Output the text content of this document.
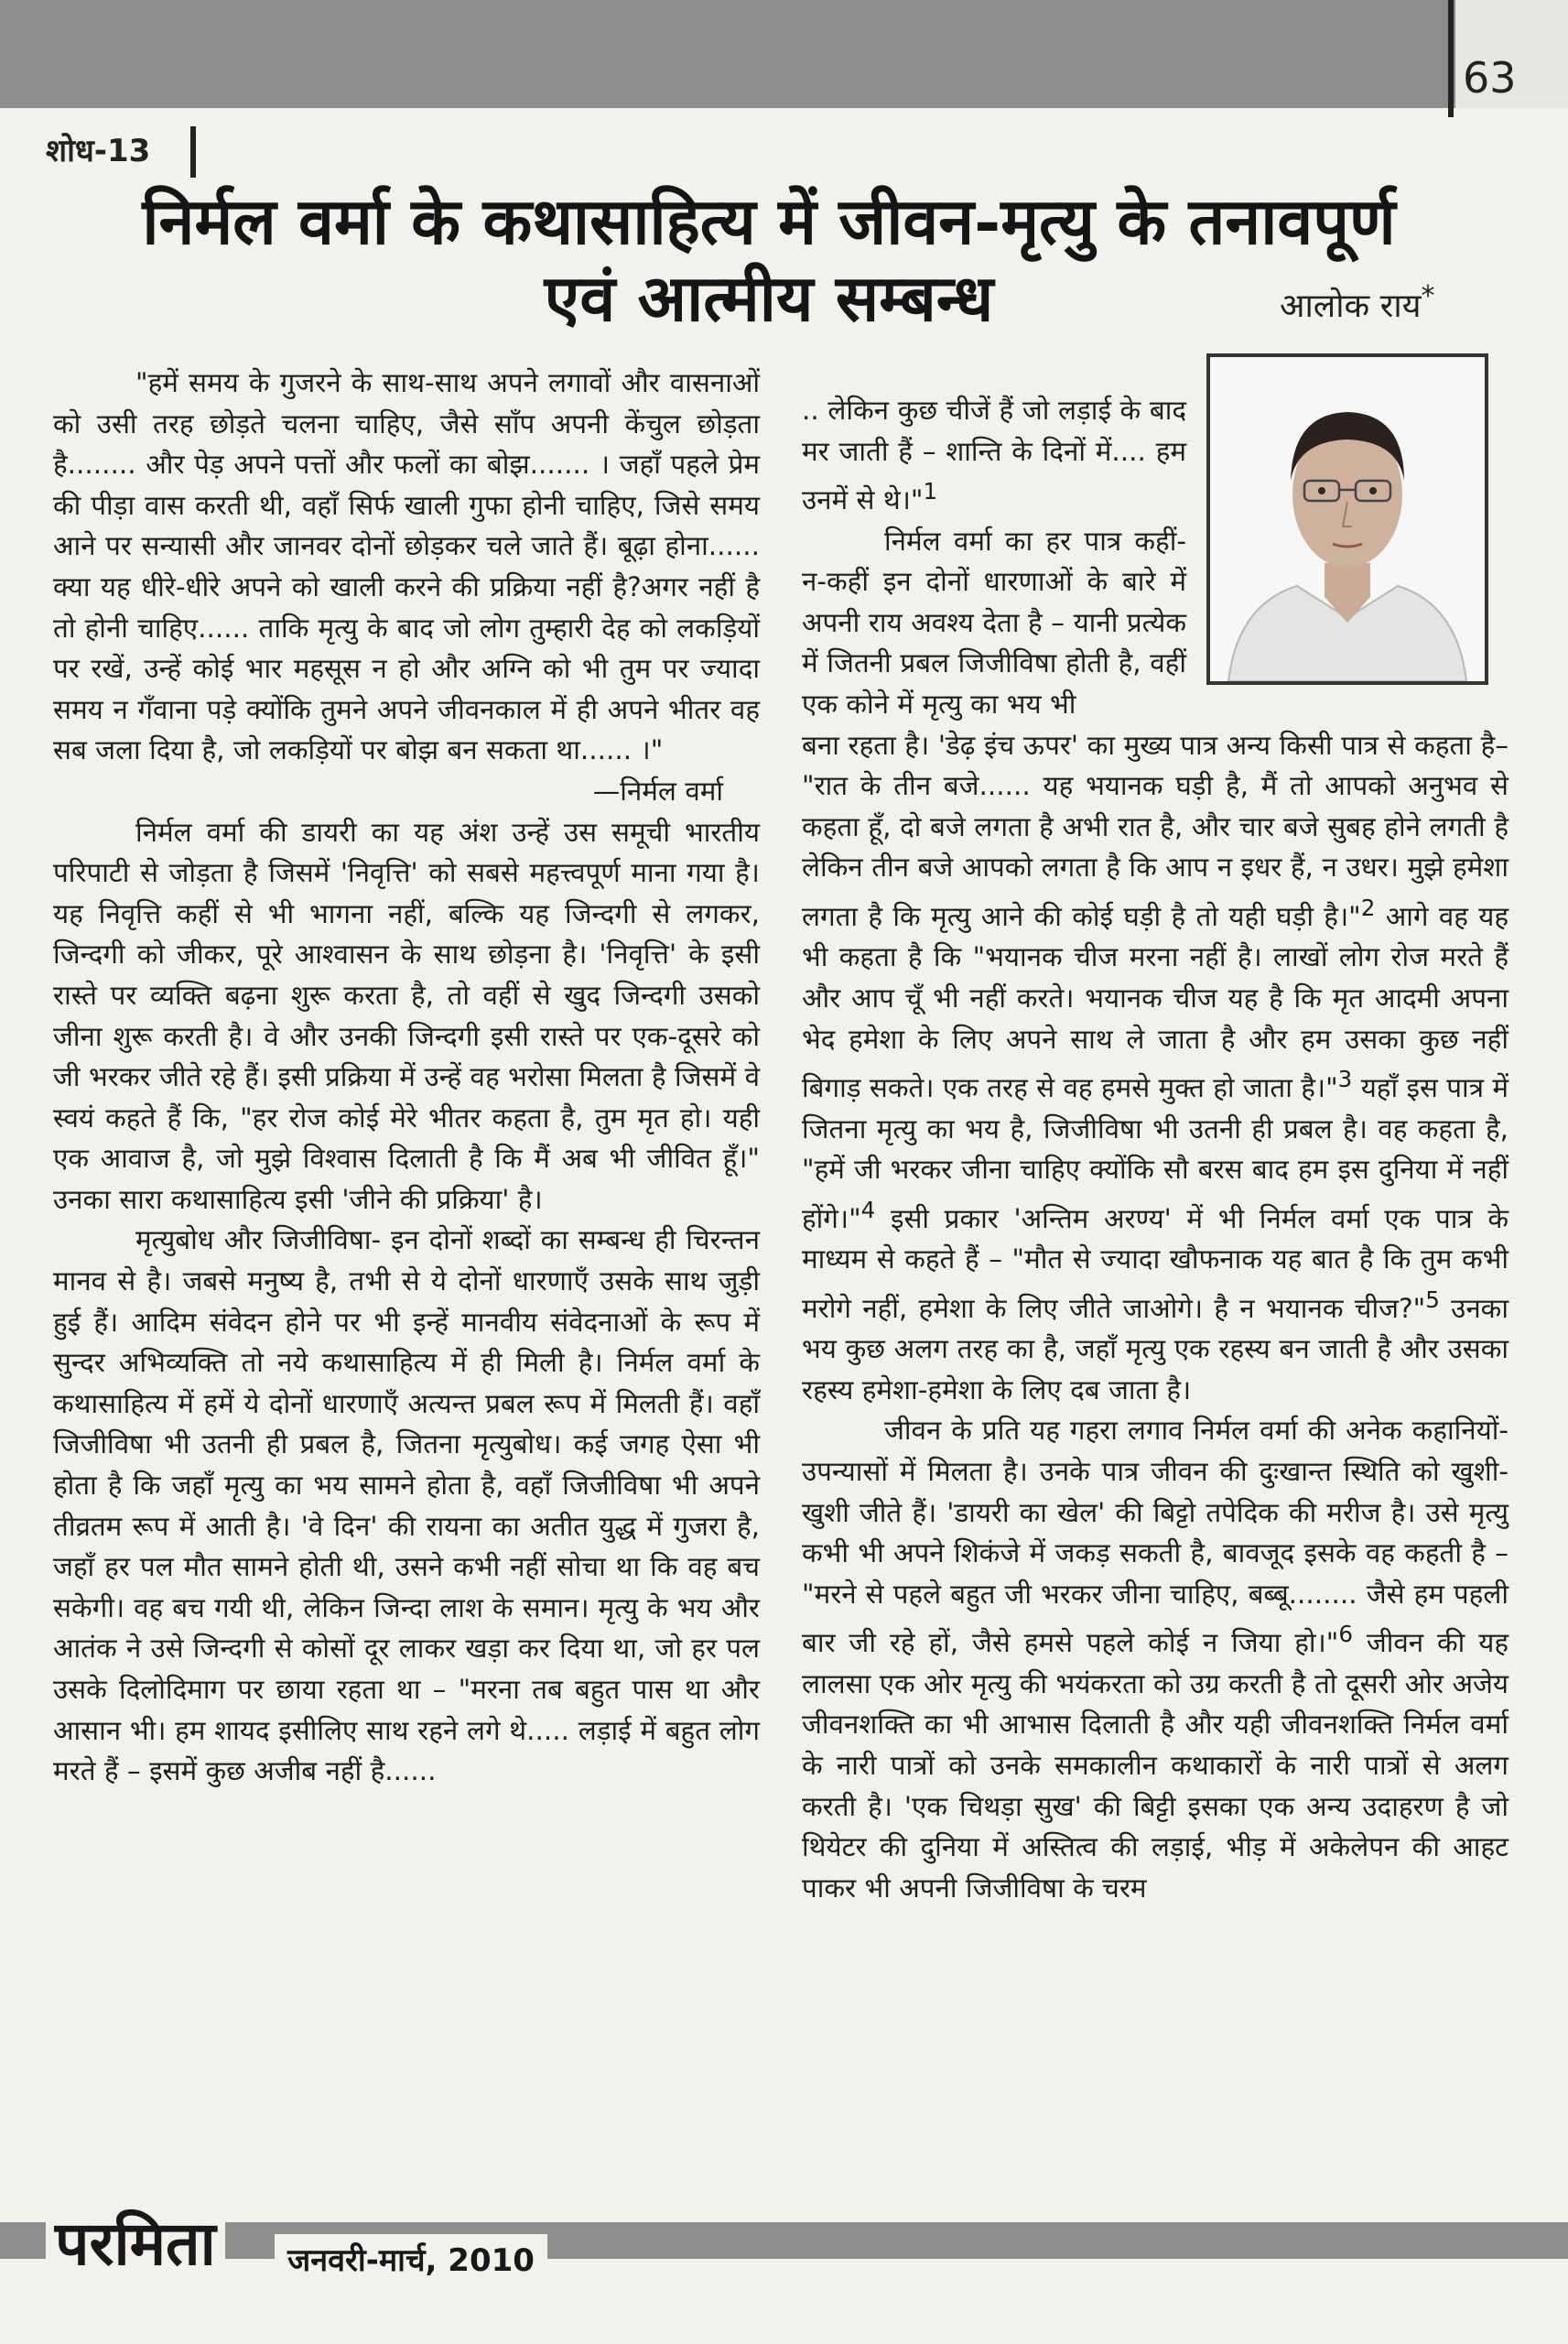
63
शोध-13
निर्मल वर्मा के कथासाहित्य में जीवन-मृत्यु के तनावपूर्ण
एवं आत्मीय सम्बन्ध	आलोक राय*

"हमें समय के गुजरने के साथ-साथ अपने लगावों और वासनाओं को उसी तरह छोड़ते चलना चाहिए, जैसे साँप अपनी केंचुल छोड़ता है........ और पेड़ अपने पत्तों और फलों का बोझ....... । जहाँ पहले प्रेम की पीड़ा वास करती थी, वहाँ सिर्फ खाली गुफा होनी चाहिए, जिसे समय आने पर सन्यासी और जानवर दोनों छोड़कर चले जाते हैं। बूढ़ा होना...... क्या यह धीरे-धीरे अपने को खाली करने की प्रक्रिया नहीं है?अगर नहीं है तो होनी चाहिए...... ताकि मृत्यु के बाद जो लोग तुम्हारी देह को लकड़ियों पर रखें, उन्हें कोई भार महसूस न हो और अग्नि को भी तुम पर ज्यादा समय न गँवाना पड़े क्योंकि तुमने अपने जीवनकाल में ही अपने भीतर वह सब जला दिया है, जो लकड़ियों पर बोझ बन सकता था...... ।"

—निर्मल वर्मा

निर्मल वर्मा की डायरी का यह अंश उन्हें उस समूची भारतीय परिपाटी से जोड़ता है जिसमें 'निवृत्ति' को सबसे महत्त्वपूर्ण माना गया है। यह निवृत्ति कहीं से भी भागना नहीं, बल्कि यह जिन्दगी से लगकर, जिन्दगी को जीकर, पूरे आश्वासन के साथ छोड़ना है। 'निवृत्ति' के इसी रास्ते पर व्यक्ति बढ़ना शुरू करता है, तो वहीं से खुद जिन्दगी उसको जीना शुरू करती है। वे और उनकी जिन्दगी इसी रास्ते पर एक-दूसरे को जी भरकर जीते रहे हैं। इसी प्रक्रिया में उन्हें वह भरोसा मिलता है जिसमें वे स्वयं कहते हैं कि, "हर रोज कोई मेरे भीतर कहता है, तुम मृत हो। यही एक आवाज है, जो मुझे विश्वास दिलाती है कि मैं अब भी जीवित हूँ।" उनका सारा कथासाहित्य इसी 'जीने की प्रक्रिया' है।

मृत्युबोध और जिजीविषा- इन दोनों शब्दों का सम्बन्ध ही चिरन्तन मानव से है। जबसे मनुष्य है, तभी से ये दोनों धारणाएँ उसके साथ जुड़ी हुई हैं। आदिम संवेदन होने पर भी इन्हें मानवीय संवेदनाओं के रूप में सुन्दर अभिव्यक्ति तो नये कथासाहित्य में ही मिली है। निर्मल वर्मा के कथासाहित्य में हमें ये दोनों धारणाएँ अत्यन्त प्रबल रूप में मिलती हैं। वहाँ जिजीविषा भी उतनी ही प्रबल है, जितना मृत्युबोध। कई जगह ऐसा भी होता है कि जहाँ मृत्यु का भय सामने होता है, वहाँ जिजीविषा भी अपने तीव्रतम रूप में आती है। 'वे दिन' की रायना का अतीत युद्ध में गुजरा है, जहाँ हर पल मौत सामने होती थी, उसने कभी नहीं सोचा था कि वह बच सकेगी। वह बच गयी थी, लेकिन जिन्दा लाश के समान। मृत्यु के भय और आतंक ने उसे जिन्दगी से कोसों दूर लाकर खड़ा कर दिया था, जो हर पल उसके दिलोदिमाग पर छाया रहता था – "मरना तब बहुत पास था और आसान भी। हम शायद इसीलिए साथ रहने लगे थे..... लड़ाई में बहुत लोग मरते हैं – इसमें कुछ अजीब नहीं है......

.. लेकिन कुछ चीजें हैं जो लड़ाई के बाद मर जाती हैं – शान्ति के दिनों में.... हम उनमें से थे।"$^1$

निर्मल वर्मा का हर पात्र कहीं-न-कहीं इन दोनों धारणाओं के बारे में अपनी राय अवश्य देता है – यानी प्रत्येक में जितनी प्रबल जिजीविषा होती है, वहीं एक कोने में मृत्यु का भय भी

बना रहता है। 'डेढ़ इंच ऊपर' का मुख्य पात्र अन्य किसी पात्र से कहता है– "रात के तीन बजे...... यह भयानक घड़ी है, मैं तो आपको अनुभव से कहता हूँ, दो बजे लगता है अभी रात है, और चार बजे सुबह होने लगती है लेकिन तीन बजे आपको लगता है कि आप न इधर हैं, न उधर। मुझे हमेशा लगता है कि मृत्यु आने की कोई घड़ी है तो यही घड़ी है।"$^2$ आगे वह यह भी कहता है कि "भयानक चीज मरना नहीं है। लाखों लोग रोज मरते हैं और आप चूँ भी नहीं करते। भयानक चीज यह है कि मृत आदमी अपना भेद हमेशा के लिए अपने साथ ले जाता है और हम उसका कुछ नहीं बिगाड़ सकते। एक तरह से वह हमसे मुक्त हो जाता है।"$^3$ यहाँ इस पात्र में जितना मृत्यु का भय है, जिजीविषा भी उतनी ही प्रबल है। वह कहता है, "हमें जी भरकर जीना चाहिए क्योंकि सौ बरस बाद हम इस दुनिया में नहीं होंगे।"$^4$ इसी प्रकार 'अन्तिम अरण्य' में भी निर्मल वर्मा एक पात्र के माध्यम से कहते हैं – "मौत से ज्यादा खौफनाक यह बात है कि तुम कभी मरोगे नहीं, हमेशा के लिए जीते जाओगे। है न भयानक चीज?"$^5$ उनका भय कुछ अलग तरह का है, जहाँ मृत्यु एक रहस्य बन जाती है और उसका रहस्य हमेशा-हमेशा के लिए दब जाता है।

जीवन के प्रति यह गहरा लगाव निर्मल वर्मा की अनेक कहानियों-उपन्यासों में मिलता है। उनके पात्र जीवन की दुःखान्त स्थिति को खुशी-खुशी जीते हैं। 'डायरी का खेल' की बिट्टो तपेदिक की मरीज है। उसे मृत्यु कभी भी अपने शिकंजे में जकड़ सकती है, बावजूद इसके वह कहती है – "मरने से पहले बहुत जी भरकर जीना चाहिए, बब्बू........ जैसे हम पहली बार जी रहे हों, जैसे हमसे पहले कोई न जिया हो।"$^6$ जीवन की यह लालसा एक ओर मृत्यु की भयंकरता को उग्र करती है तो दूसरी ओर अजेय जीवनशक्ति का भी आभास दिलाती है और यही जीवनशक्ति निर्मल वर्मा के नारी पात्रों को उनके समकालीन कथाकारों के नारी पात्रों से अलग करती है। 'एक चिथड़ा सुख' की बिट्टी इसका एक अन्य उदाहरण है जो थियेटर की दुनिया में अस्तित्व की लड़ाई, भीड़ में अकेलेपन की आहट पाकर भी अपनी जिजीविषा के चरम

परमिता	जनवरी-मार्च, 2010
